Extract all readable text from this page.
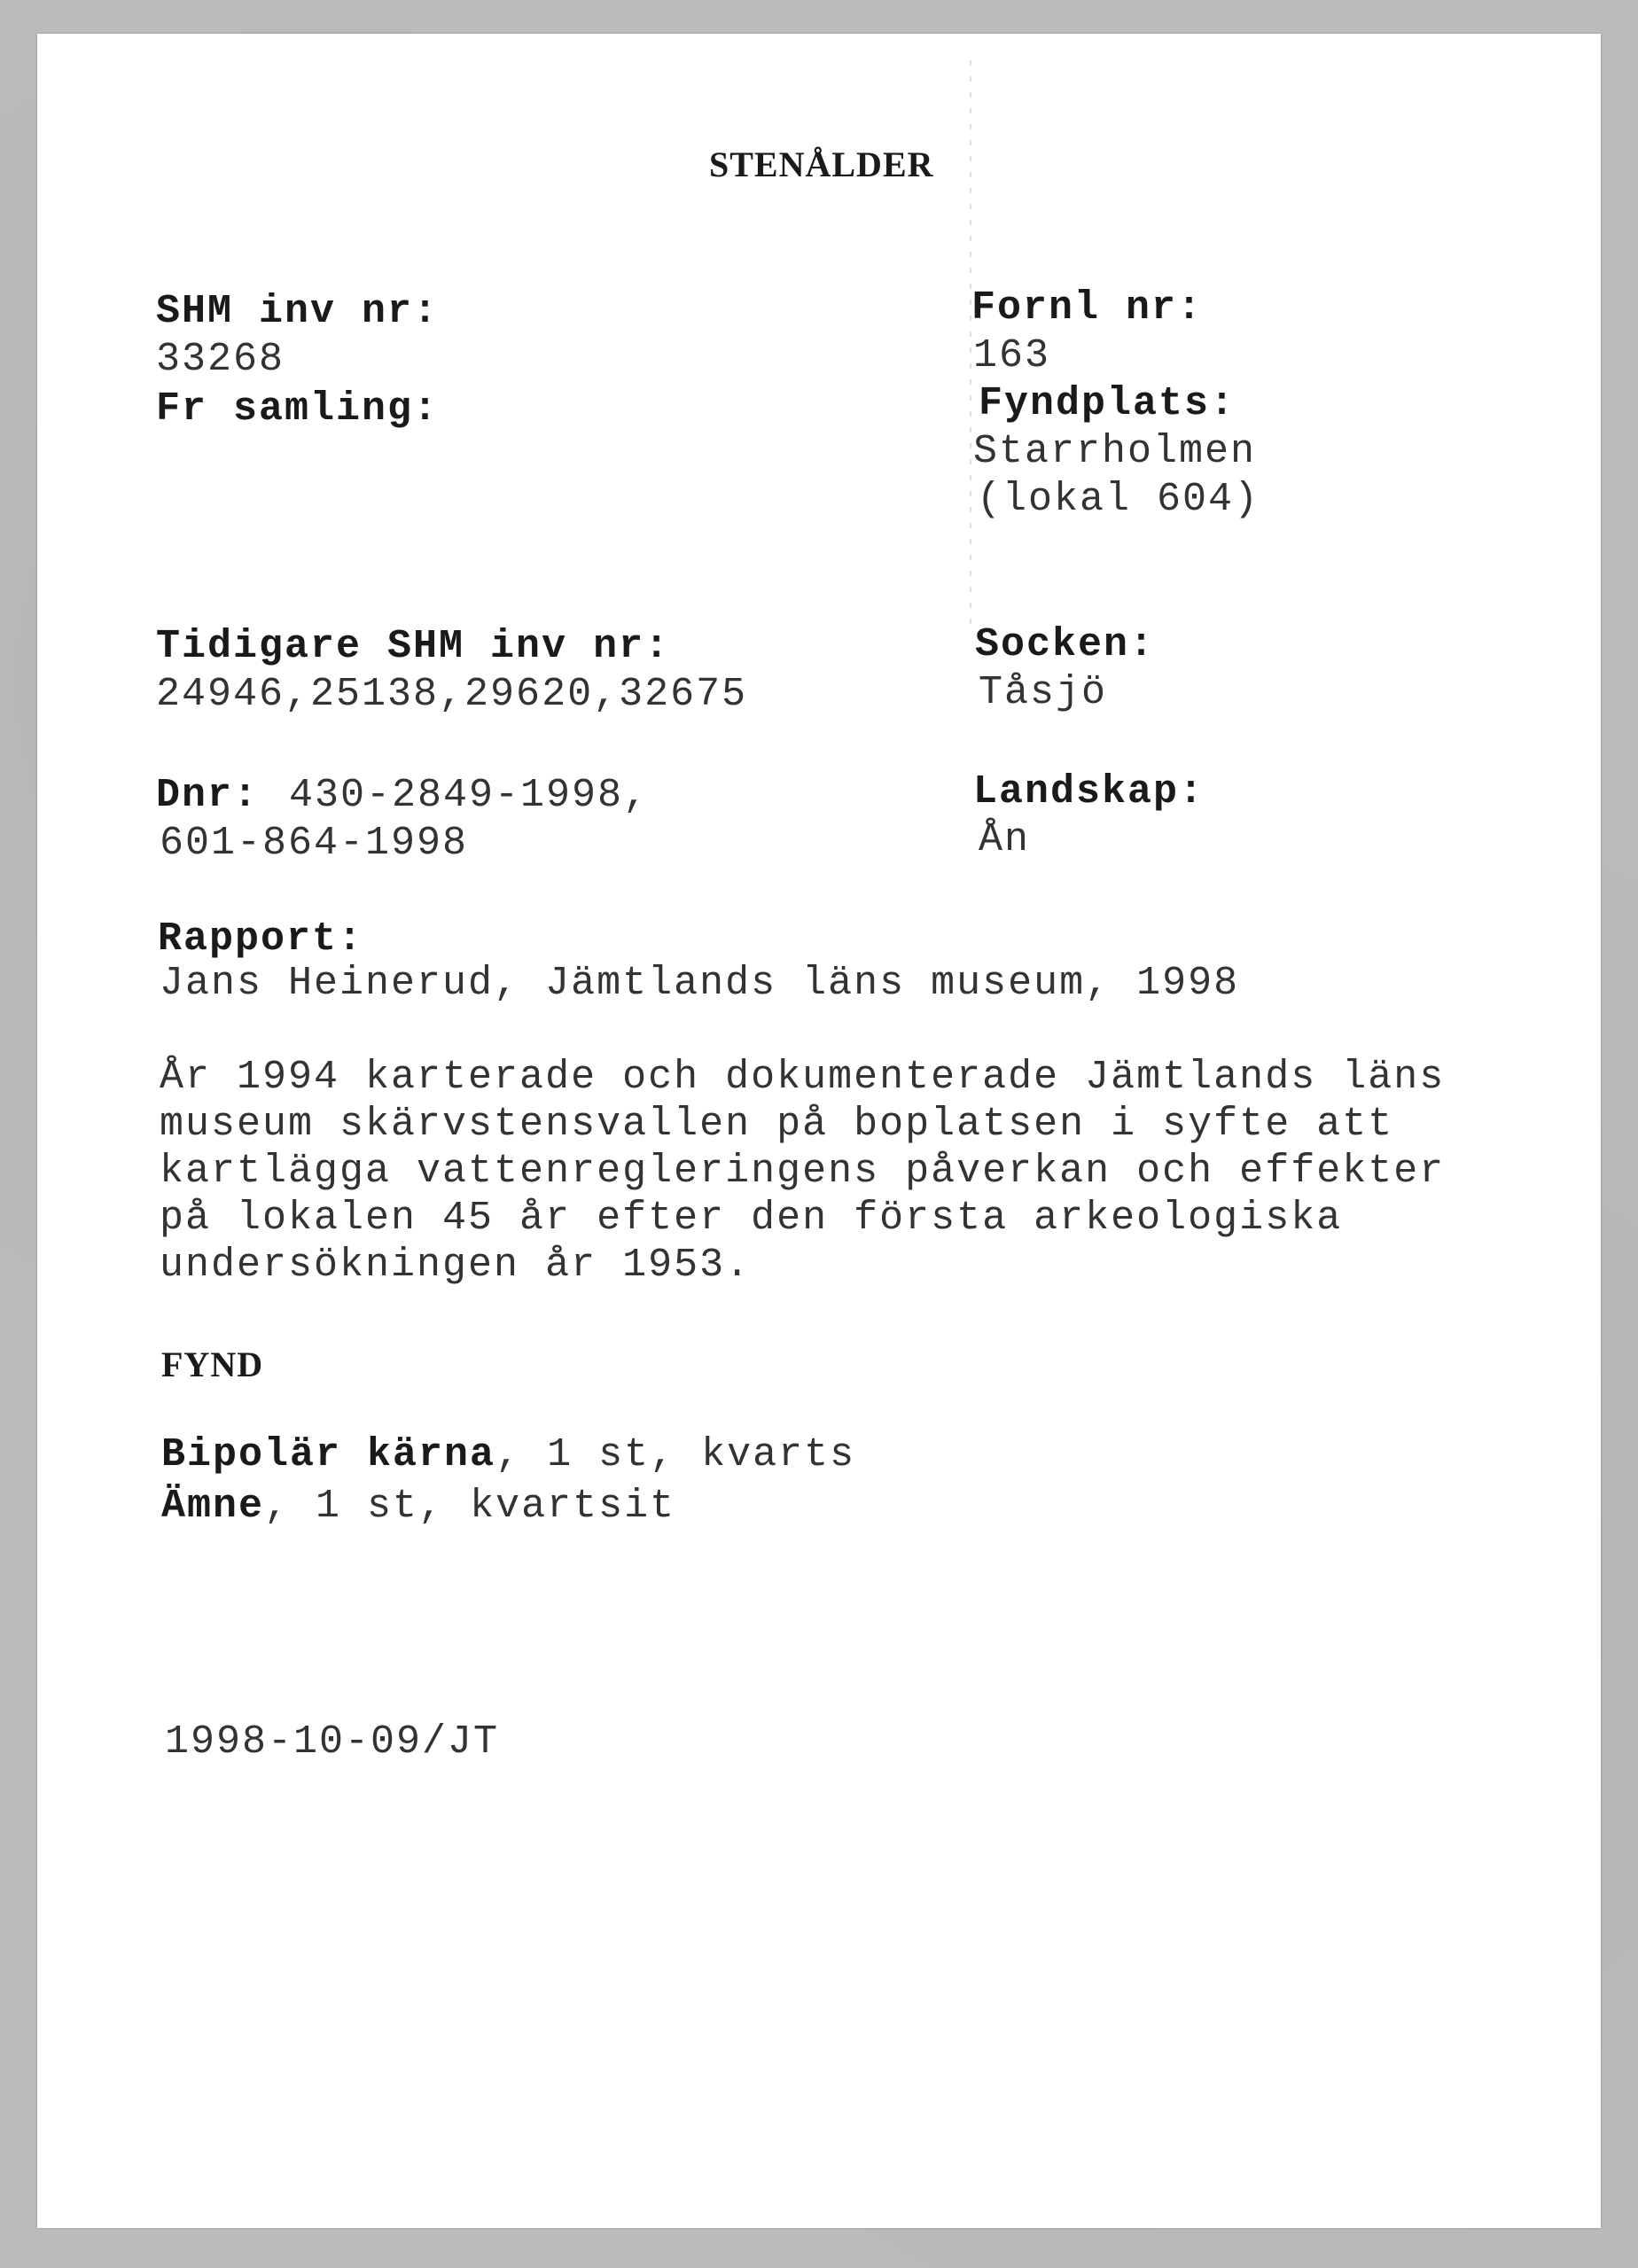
STENÅLDER
SHM inv nr:
33268
Fr samling:
Tidigare SHM inv nr:
24946,25138,29620,32675
Dnr: 430-2849-1998,
601-864-1998
Fornl nr:
163
Fyndplats:
Starrholmen
(lokal 604)
Socken:
Tåsjö
Landskap:
Ån
Rapport:
Jans Heinerud, Jämtlands läns museum, 1998
År 1994 karterade och dokumenterade Jämtlands läns
museum skärvstensvallen på boplatsen i syfte att
kartlägga vattenregleringens påverkan och effekter
på lokalen 45 år efter den första arkeologiska
undersökningen år 1953.
FYND
Bipolär kärna, 1 st, kvarts
Ämne, 1 st, kvartsit
1998-10-09/JT
